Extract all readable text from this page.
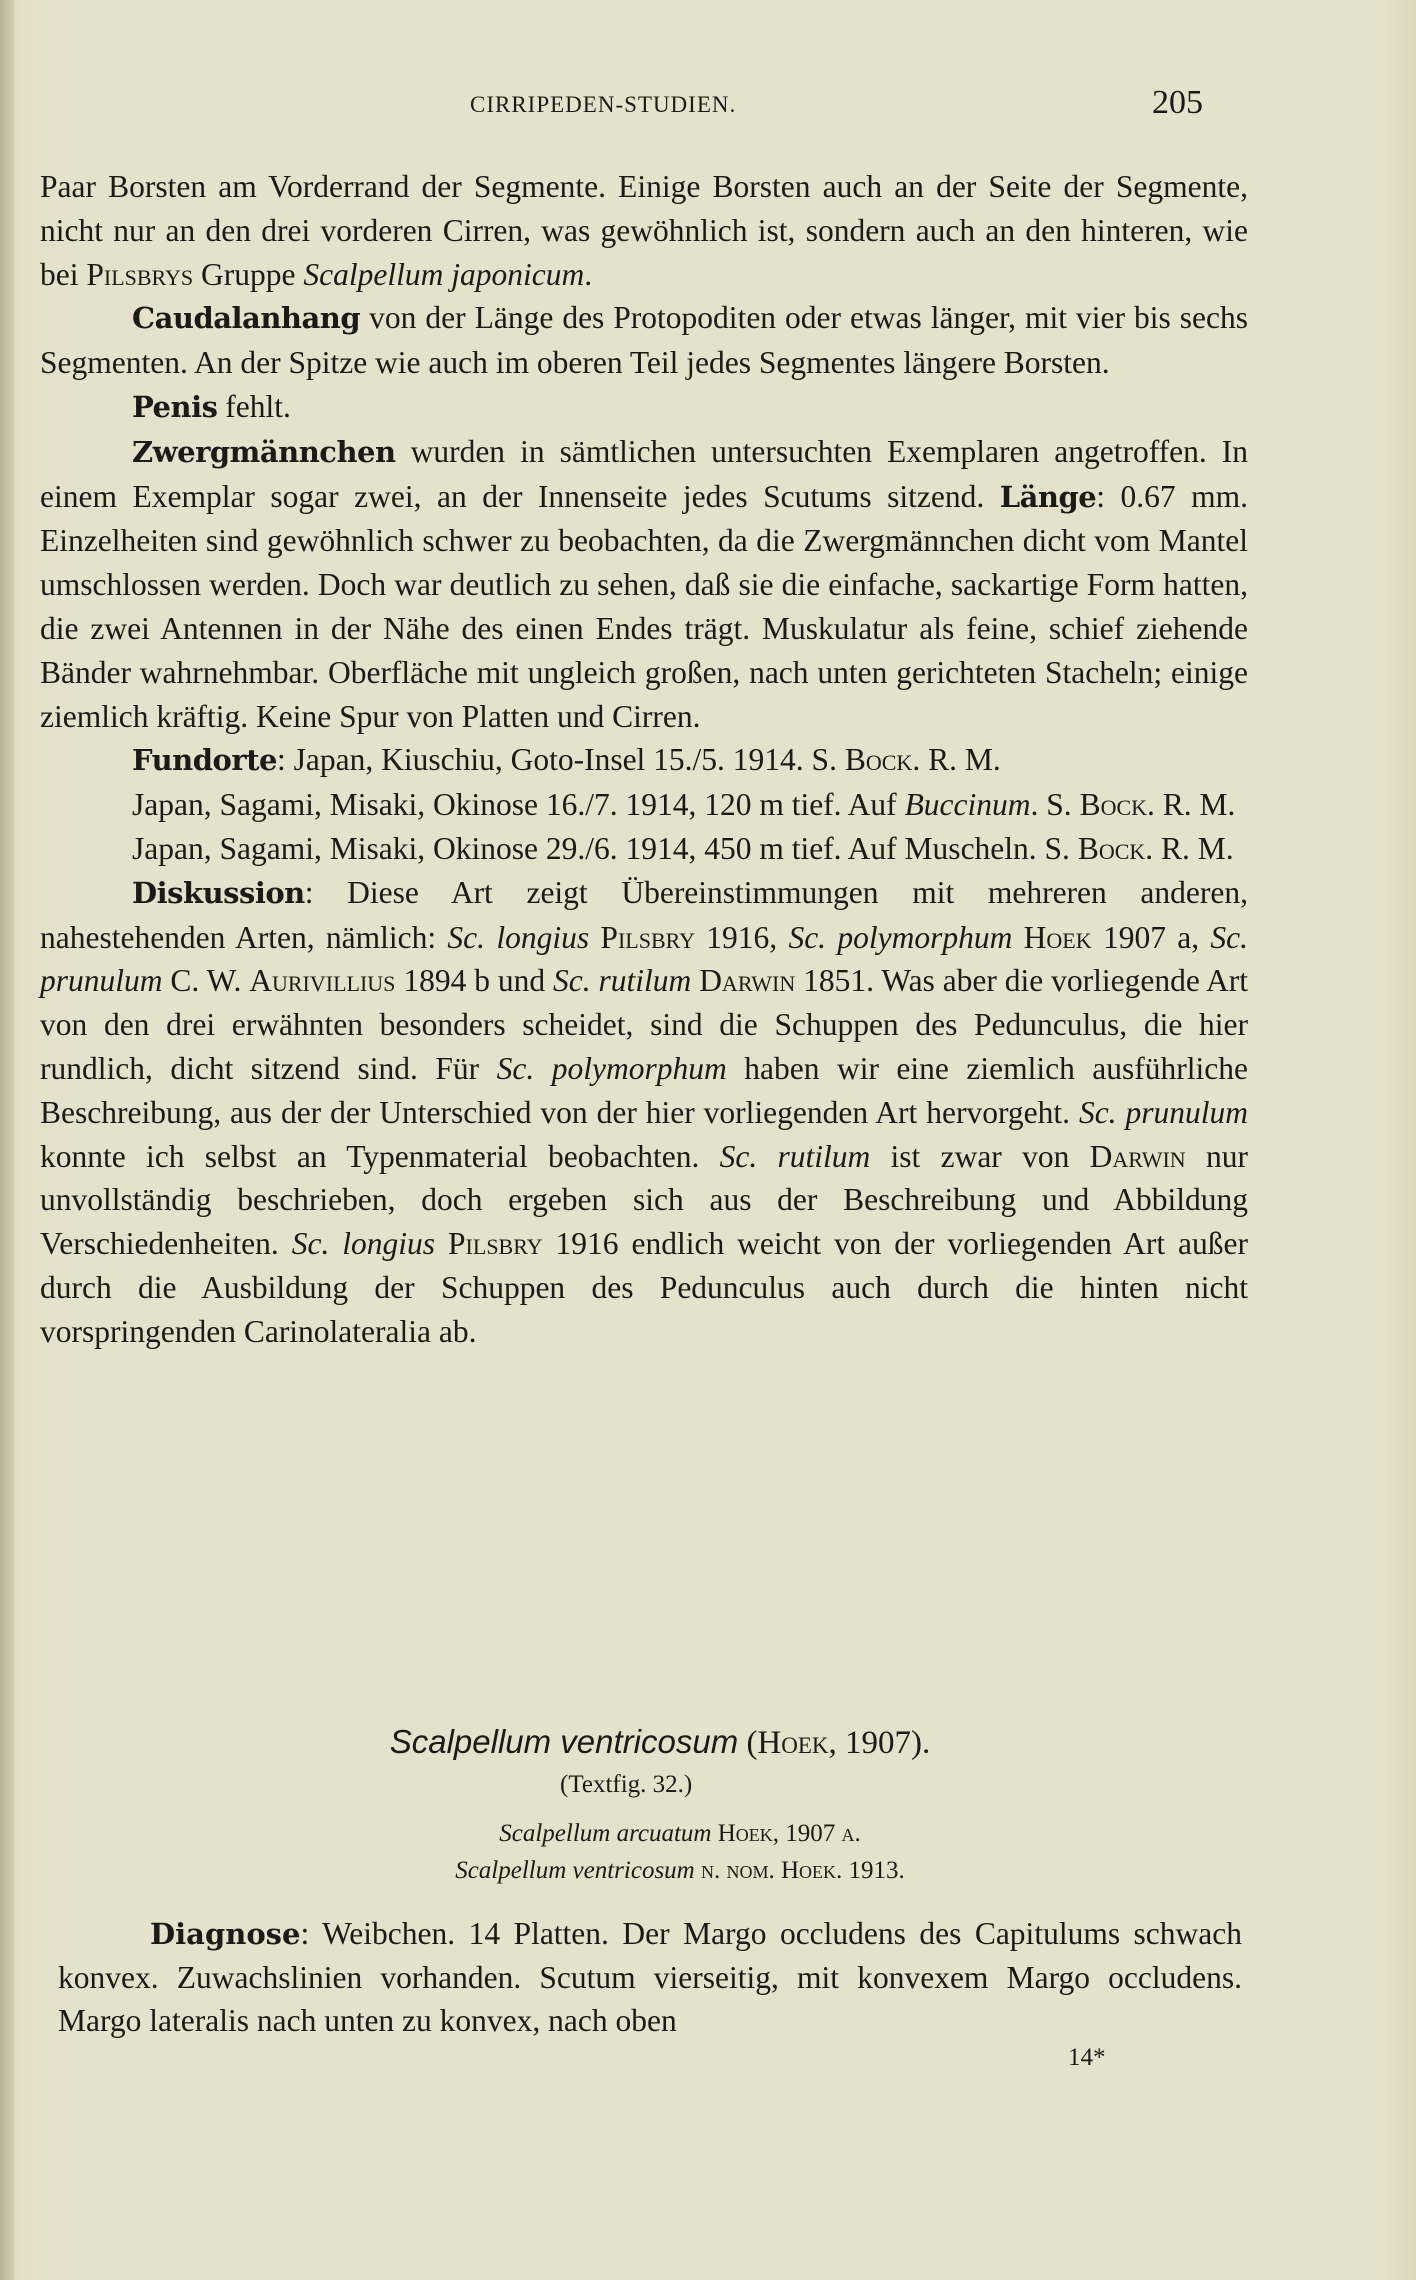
CIRRIPEDEN-STUDIEN.	205

Paar Borsten am Vorderrand der Segmente. Einige Borsten auch an der Seite der Segmente, nicht nur an den drei vorderen Cirren, was gewöhnlich ist, sondern auch an den hinteren, wie bei Pilsbrys Gruppe Scalpellum japonicum.

Caudalanhang von der Länge des Protopoditen oder etwas länger, mit vier bis sechs Segmenten. An der Spitze wie auch im oberen Teil jedes Segmentes längere Borsten.

Penis fehlt.

Zwergmännchen wurden in sämtlichen untersuchten Exemplaren angetroffen. In einem Exemplar sogar zwei, an der Innenseite jedes Scutums sitzend. Länge: 0.67 mm. Einzelheiten sind gewöhnlich schwer zu beobachten, da die Zwergmännchen dicht vom Mantel umschlossen werden. Doch war deutlich zu sehen, daß sie die einfache, sackartige Form hatten, die zwei Antennen in der Nähe des einen Endes trägt. Muskulatur als feine, schief ziehende Bänder wahrnehmbar. Oberfläche mit ungleich großen, nach unten gerichteten Stacheln; einige ziemlich kräftig. Keine Spur von Platten und Cirren.

Fundorte: Japan, Kiuschiu, Goto-Insel 15./5. 1914. S. Bock. R. M.

Japan, Sagami, Misaki, Okinose 16./7. 1914, 120 m tief. Auf Buccinum. S. Bock. R. M.

Japan, Sagami, Misaki, Okinose 29./6. 1914, 450 m tief. Auf Muscheln. S. Bock. R. M.

Diskussion: Diese Art zeigt Übereinstimmungen mit mehreren anderen, nahestehenden Arten, nämlich: Sc. longius Pilsbry 1916, Sc. polymorphum Hoek 1907 a, Sc. prunulum C. W. Aurivillius 1894 b und Sc. rutilum Darwin 1851. Was aber die vorliegende Art von den drei erwähnten besonders scheidet, sind die Schuppen des Pedunculus, die hier rundlich, dicht sitzend sind. Für Sc. polymorphum haben wir eine ziemlich ausführliche Beschreibung, aus der der Unterschied von der hier vorliegenden Art hervorgeht. Sc. prunulum konnte ich selbst an Typenmaterial beobachten. Sc. rutilum ist zwar von Darwin nur unvollständig beschrieben, doch ergeben sich aus der Beschreibung und Abbildung Verschiedenheiten. Sc. longius Pilsbry 1916 endlich weicht von der vorliegenden Art außer durch die Ausbildung der Schuppen des Pedunculus auch durch die hinten nicht vorspringenden Carinolateralia ab.

Scalpellum ventricosum (Hoek, 1907).
(Textfig. 32.)
Scalpellum arcuatum Hoek, 1907 a.
Scalpellum ventricosum n. nom. Hoek. 1913.

Diagnose: Weibchen. 14 Platten. Der Margo occludens des Capitulums schwach konvex. Zuwachslinien vorhanden. Scutum vierseitig, mit konvexem Margo occludens. Margo lateralis nach unten zu konvex, nach oben

14*
